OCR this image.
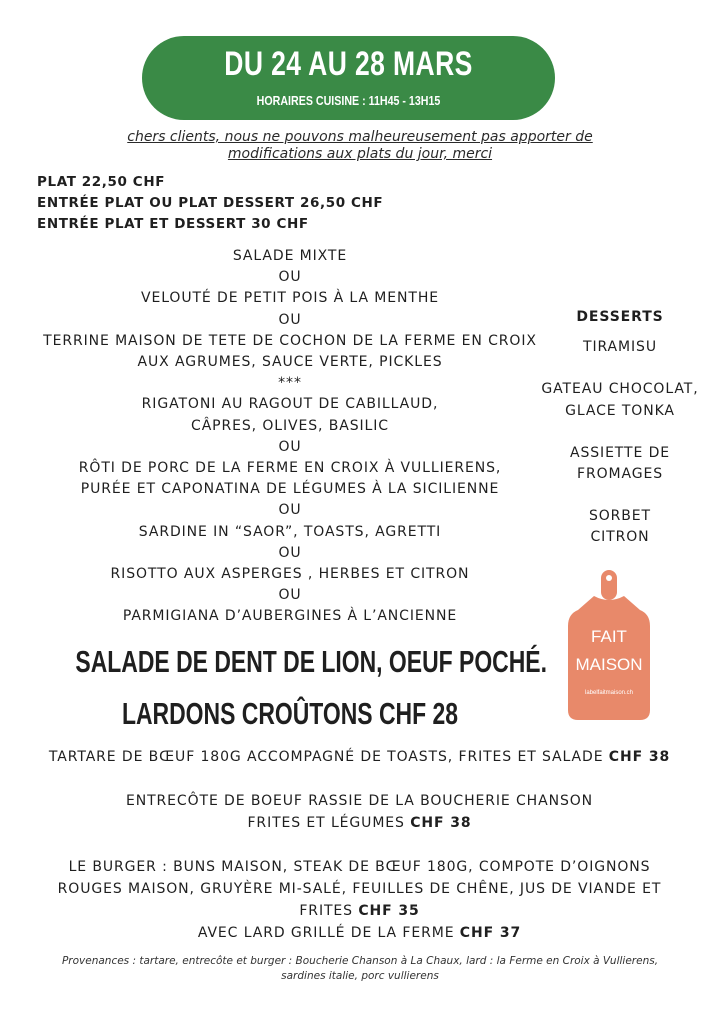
DU 24 AU 28 MARS
HORAIRES CUISINE : 11H45 - 13H15
chers clients, nous ne pouvons malheureusement pas apporter de
modifications aux plats du jour, merci
PLAT 22,50 CHF
ENTRÉE PLAT OU PLAT DESSERT 26,50 CHF
ENTRÉE PLAT ET DESSERT 30 CHF
SALADE MIXTE
OU
VELOUTÉ DE PETIT POIS À LA MENTHE
OU
TERRINE MAISON DE TETE DE COCHON DE LA FERME EN CROIX
AUX AGRUMES, SAUCE VERTE, PICKLES
***
RIGATONI AU RAGOUT DE CABILLAUD,
CÂPRES, OLIVES, BASILIC
OU
RÔTI DE PORC DE LA FERME EN CROIX À VULLIERENS,
PURÉE ET CAPONATINA DE LÉGUMES À LA SICILIENNE
OU
SARDINE IN “SAOR”, TOASTS, AGRETTI
OU
RISOTTO AUX ASPERGES , HERBES ET CITRON
OU
PARMIGIANA D’AUBERGINES À L’ANCIENNE
DESSERTS
TIRAMISU
GATEAU CHOCOLAT,
GLACE TONKA
ASSIETTE DE
FROMAGES
SORBET
CITRON
FAIT
MAISON
labelfaitmaison.ch
SALADE DE DENT DE LION, OEUF POCHÉ.
LARDONS CROÛTONS CHF 28
TARTARE DE BŒUF 180G ACCOMPAGNÉ DE TOASTS, FRITES ET SALADE CHF 38
ENTRECÔTE DE BOEUF RASSIE DE LA BOUCHERIE CHANSON
FRITES ET LÉGUMES CHF 38
LE BURGER : BUNS MAISON, STEAK DE BŒUF 180G, COMPOTE D’OIGNONS
ROUGES MAISON, GRUYÈRE MI-SALÉ, FEUILLES DE CHÊNE, JUS DE VIANDE ET
FRITES CHF 35
AVEC LARD GRILLÉ DE LA FERME CHF 37
Provenances : tartare, entrecôte et burger : Boucherie Chanson à La Chaux, lard : la Ferme en Croix à Vullierens,
sardines italie, porc vullierens
